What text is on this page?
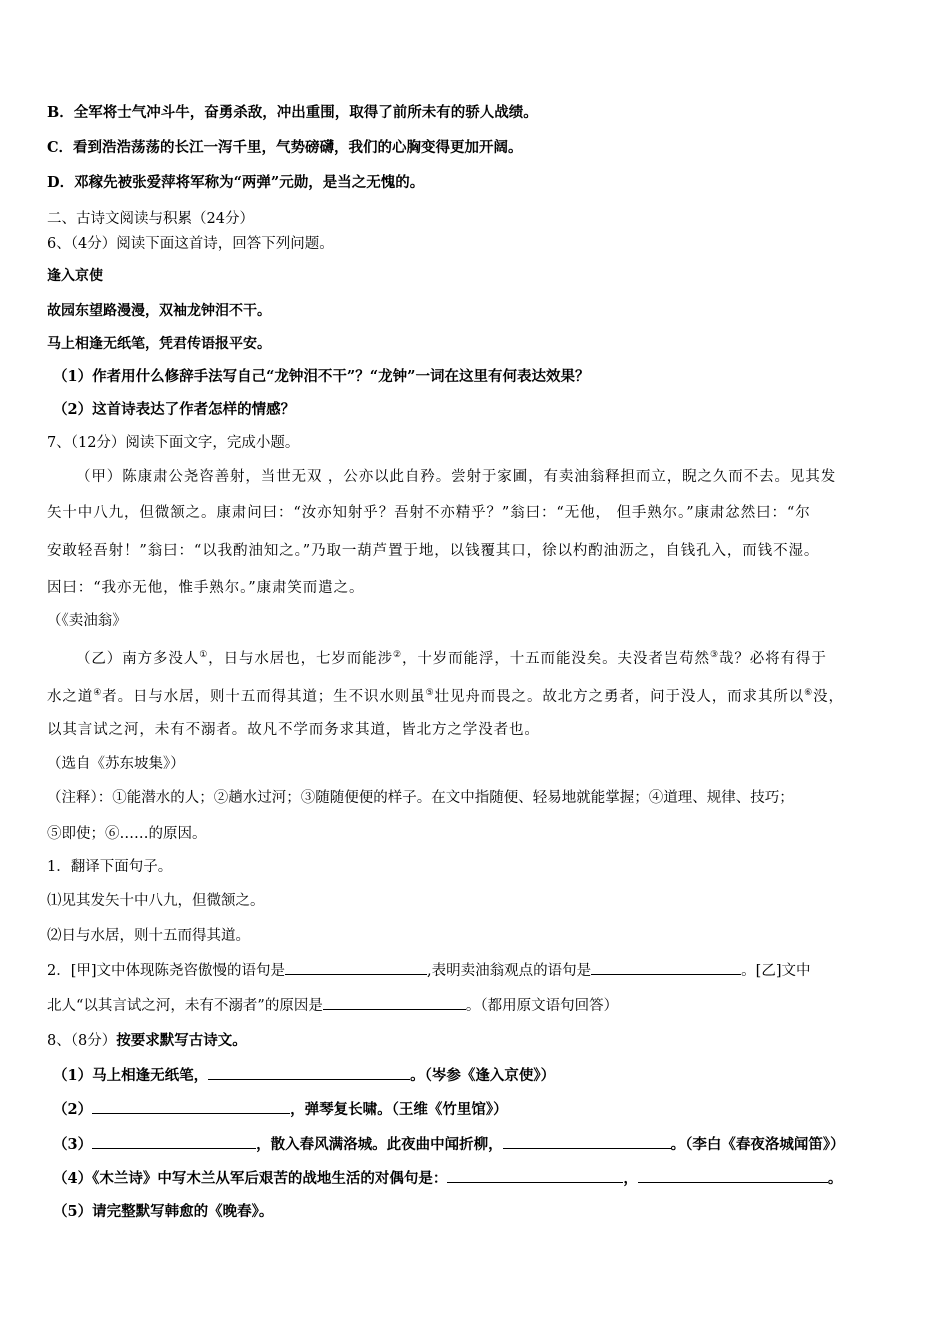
B．全军将士气冲斗牛，奋勇杀敌，冲出重围，取得了前所未有的骄人战绩。
C．看到浩浩荡荡的长江一泻千里，气势磅礴，我们的心胸变得更加开阔。
D．邓稼先被张爱萍将军称为“两弹”元勋，是当之无愧的。
二、古诗文阅读与积累（24分）
6、（4分）阅读下面这首诗，回答下列问题。
逢入京使
故园东望路漫漫，双袖龙钟泪不干。
马上相逢无纸笔，凭君传语报平安。
（1）作者用什么修辞手法写自己“龙钟泪不干”？“龙钟”一词在这里有何表达效果？
（2）这首诗表达了作者怎样的情感？
7、（12分）阅读下面文字，完成小题。
（甲）陈康肃公尧咨善射，当世无双 ，公亦以此自矜。尝射于家圃，有卖油翁释担而立，睨之久而不去。见其发
矢十中八九，但微颔之。康肃问曰：“汝亦知射乎？吾射不亦精乎？”翁曰：“无他， 但手熟尔。”康肃忿然曰：“尔
安敢轻吾射！”翁曰：“以我酌油知之。”乃取一葫芦置于地，以钱覆其口，徐以杓酌油沥之，自钱孔入，而钱不湿。
因曰：“我亦无他，惟手熟尔。”康肃笑而遣之。
（《卖油翁》
（乙）南方多没人①，日与水居也，七岁而能涉②，十岁而能浮，十五而能没矣。夫没者岂苟然③哉？必将有得于
水之道④者。日与水居，则十五而得其道；生不识水则虽⑤壮见舟而畏之。故北方之勇者，问于没人，而求其所以⑥没，
以其言试之河，未有不溺者。故凡不学而务求其道，皆北方之学没者也。
（选自《苏东坡集》）
（注释）：①能潜水的人；②趟水过河；③随随便便的样子。在文中指随便、轻易地就能掌握；④道理、规律、技巧；
⑤即使；⑥……的原因。
1．翻译下面句子。
⑴见其发矢十中八九，但微颔之。
⑵日与水居，则十五而得其道。
2．[甲]文中体现陈尧咨傲慢的语句是	,表明卖油翁观点的语句是	。[乙]文中
北人“以其言试之河，未有不溺者”的原因是	。（都用原文语句回答）
8、（8分）按要求默写古诗文。
（1）马上相逢无纸笔，	。（岑参《逢入京使》）
（2）	，弹琴复长啸。（王维《竹里馆》）
（3）	，散入春风满洛城。此夜曲中闻折柳，	。（李白《春夜洛城闻笛》）
（4）《木兰诗》中写木兰从军后艰苦的战地生活的对偶句是：	，	。
（5）请完整默写韩愈的《晚春》。
